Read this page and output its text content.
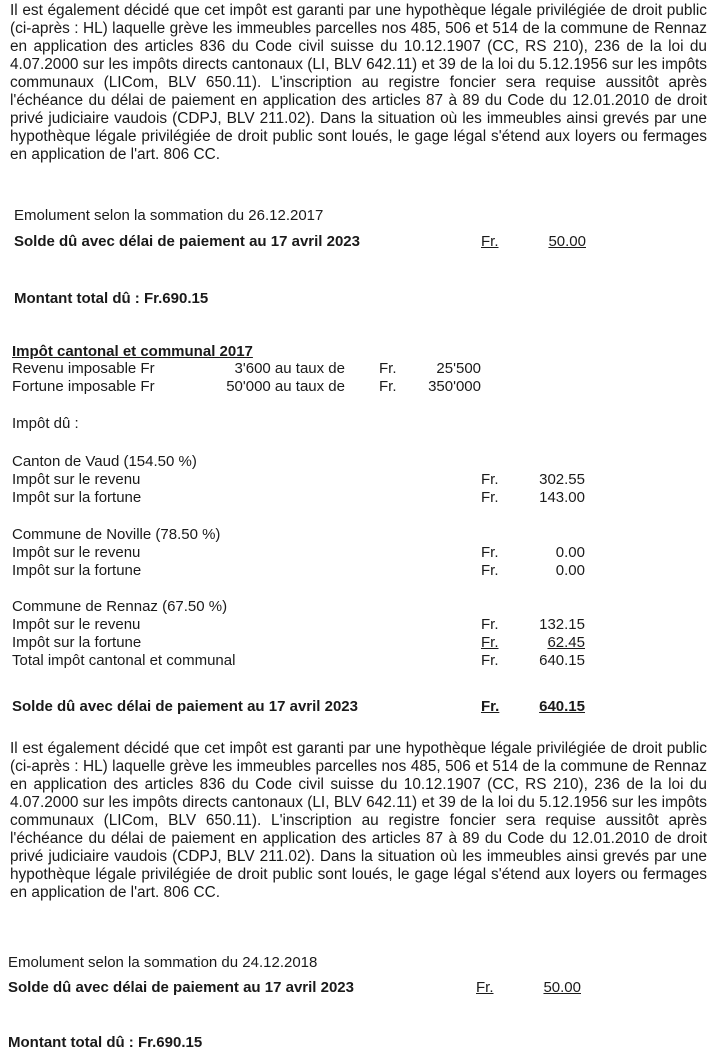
Il est également décidé que cet impôt est garanti par une hypothèque légale privilégiée de droit public (ci-après : HL) laquelle grève les immeubles parcelles nos 485, 506 et 514 de la commune de Rennaz en application des articles 836 du Code civil suisse du 10.12.1907 (CC, RS 210), 236 de la loi du 4.07.2000 sur les impôts directs cantonaux (LI, BLV 642.11) et 39 de la loi du 5.12.1956 sur les impôts communaux (LICom, BLV 650.11). L'inscription au registre foncier sera requise aussitôt après l'échéance du délai de paiement en application des articles 87 à 89 du Code du 12.01.2010 de droit privé judiciaire vaudois (CDPJ, BLV 211.02). Dans la situation où les immeubles ainsi grevés par une hypothèque légale privilégiée de droit public sont loués, le gage légal s'étend aux loyers ou fermages en application de l'art. 806 CC.
Emolument selon la sommation du 26.12.2017
Solde dû avec délai de paiement au 17 avril 2023	Fr.	50.00
Montant total dû : Fr.690.15
Impôt cantonal et communal 2017
Revenu imposable Fr	3'600 au taux de Fr.	25'500
Fortune imposable Fr	50'000 au taux de Fr.	350'000
Impôt dû :
Canton de Vaud (154.50 %)
Impôt sur le revenu	Fr.	302.55
Impôt sur la fortune	Fr.	143.00
Commune de Noville (78.50 %)
Impôt sur le revenu	Fr.	0.00
Impôt sur la fortune	Fr.	0.00
Commune de Rennaz (67.50 %)
Impôt sur le revenu	Fr.	132.15
Impôt sur la fortune	Fr.	62.45
Total impôt cantonal et communal	Fr.	640.15
Solde dû avec délai de paiement au 17 avril 2023	Fr.	640.15
Il est également décidé que cet impôt est garanti par une hypothèque légale privilégiée de droit public (ci-après : HL) laquelle grève les immeubles parcelles nos 485, 506 et 514 de la commune de Rennaz en application des articles 836 du Code civil suisse du 10.12.1907 (CC, RS 210), 236 de la loi du 4.07.2000 sur les impôts directs cantonaux (LI, BLV 642.11) et 39 de la loi du 5.12.1956 sur les impôts communaux (LICom, BLV 650.11). L'inscription au registre foncier sera requise aussitôt après l'échéance du délai de paiement en application des articles 87 à 89 du Code du 12.01.2010 de droit privé judiciaire vaudois (CDPJ, BLV 211.02). Dans la situation où les immeubles ainsi grevés par une hypothèque légale privilégiée de droit public sont loués, le gage légal s'étend aux loyers ou fermages en application de l'art. 806 CC.
Emolument selon la sommation du 24.12.2018
Solde dû avec délai de paiement au 17 avril 2023	Fr.	50.00
Montant total dû : Fr.690.15
